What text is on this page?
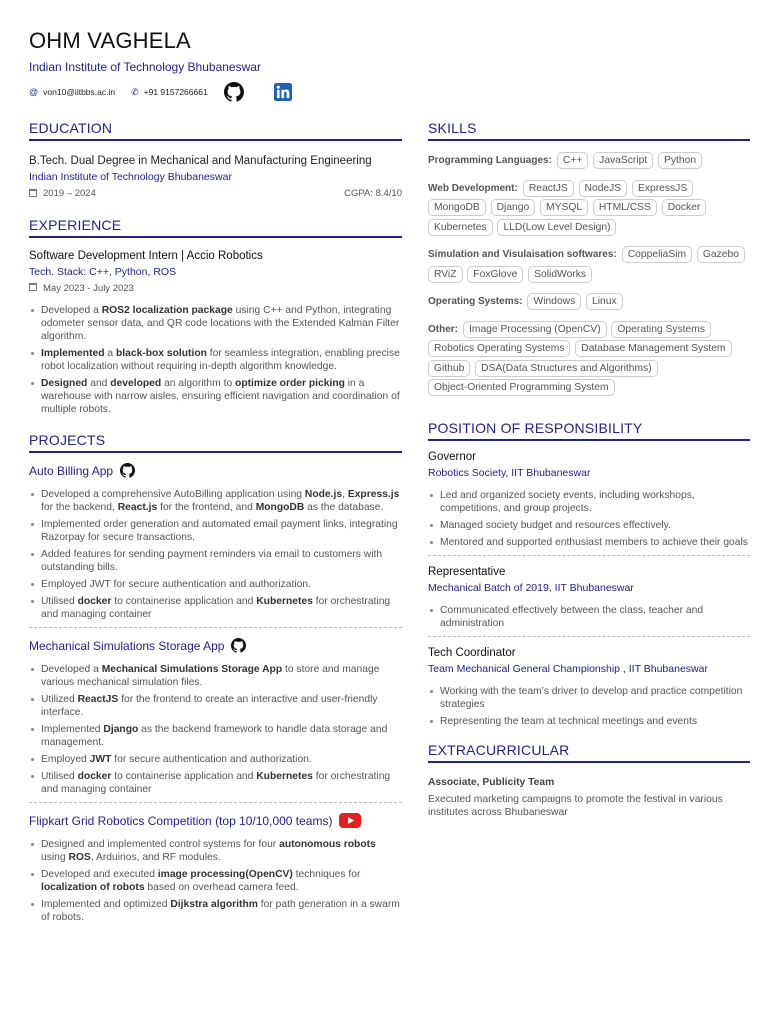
OHM VAGHELA
Indian Institute of Technology Bhubaneswar
@ von10@iitbbs.ac.in ✆ +91 9157266661
EDUCATION
B.Tech. Dual Degree in Mechanical and Manufacturing Engineering
Indian Institute of Technology Bhubaneswar
2019 – 2024	CGPA: 8.4/10
EXPERIENCE
Software Development Intern | Accio Robotics
Tech. Stack: C++, Python, ROS
May 2023 - July 2023
Developed a ROS2 localization package using C++ and Python, integrating odometer sensor data, and QR code locations with the Extended Kalman Filter algorithm.
Implemented a black-box solution for seamless integration, enabling precise robot localization without requiring in-depth algorithm knowledge.
Designed and developed an algorithm to optimize order picking in a warehouse with narrow aisles, ensuring efficient navigation and coordination of multiple robots.
PROJECTS
Auto Billing App
Developed a comprehensive AutoBilling application using Node.js, Express.js for the backend, React.js for the frontend, and MongoDB as the database.
Implemented order generation and automated email payment links, integrating Razorpay for secure transactions.
Added features for sending payment reminders via email to customers with outstanding bills.
Employed JWT for secure authentication and authorization.
Utilised docker to containerise application and Kubernetes for orchestrating and managing container
Mechanical Simulations Storage App
Developed a Mechanical Simulations Storage App to store and manage various mechanical simulation files.
Utilized ReactJS for the frontend to create an interactive and user-friendly interface.
Implemented Django as the backend framework to handle data storage and management.
Employed JWT for secure authentication and authorization.
Utilised docker to containerise application and Kubernetes for orchestrating and managing container
Flipkart Grid Robotics Competition (top 10/10,000 teams)
Designed and implemented control systems for four autonomous robots using ROS, Arduinos, and RF modules.
Developed and executed image processing(OpenCV) techniques for localization of robots based on overhead camera feed.
Implemented and optimized Dijkstra algorithm for path generation in a swarm of robots.
SKILLS
Programming Languages: C++ JavaScript Python
Web Development: ReactJS NodeJS ExpressJS MongoDB Django MYSQL HTML/CSS Docker Kubernetes LLD(Low Level Design)
Simulation and Visulaisation softwares: CoppeliaSim Gazebo RViZ FoxGlove SolidWorks
Operating Systems: Windows Linux
Other: Image Processing (OpenCV) Operating Systems Robotics Operating Systems Database Management System Github DSA(Data Structures and Algorithms) Object-Oriented Programming System
POSITION OF RESPONSIBILITY
Governor
Robotics Society, IIT Bhubaneswar
Led and organized society events, including workshops, competitions, and group projects.
Managed society budget and resources effectively.
Mentored and supported enthusiast members to achieve their goals
Representative
Mechanical Batch of 2019, IIT Bhubaneswar
Communicated effectively between the class, teacher and administration
Tech Coordinator
Team Mechanical General Championship , IIT Bhubaneswar
Working with the team’s driver to develop and practice competition strategies
Representing the team at technical meetings and events
EXTRACURRICULAR
Associate, Publicity Team
Executed marketing campaigns to promote the festival in various institutes across Bhubaneswar
